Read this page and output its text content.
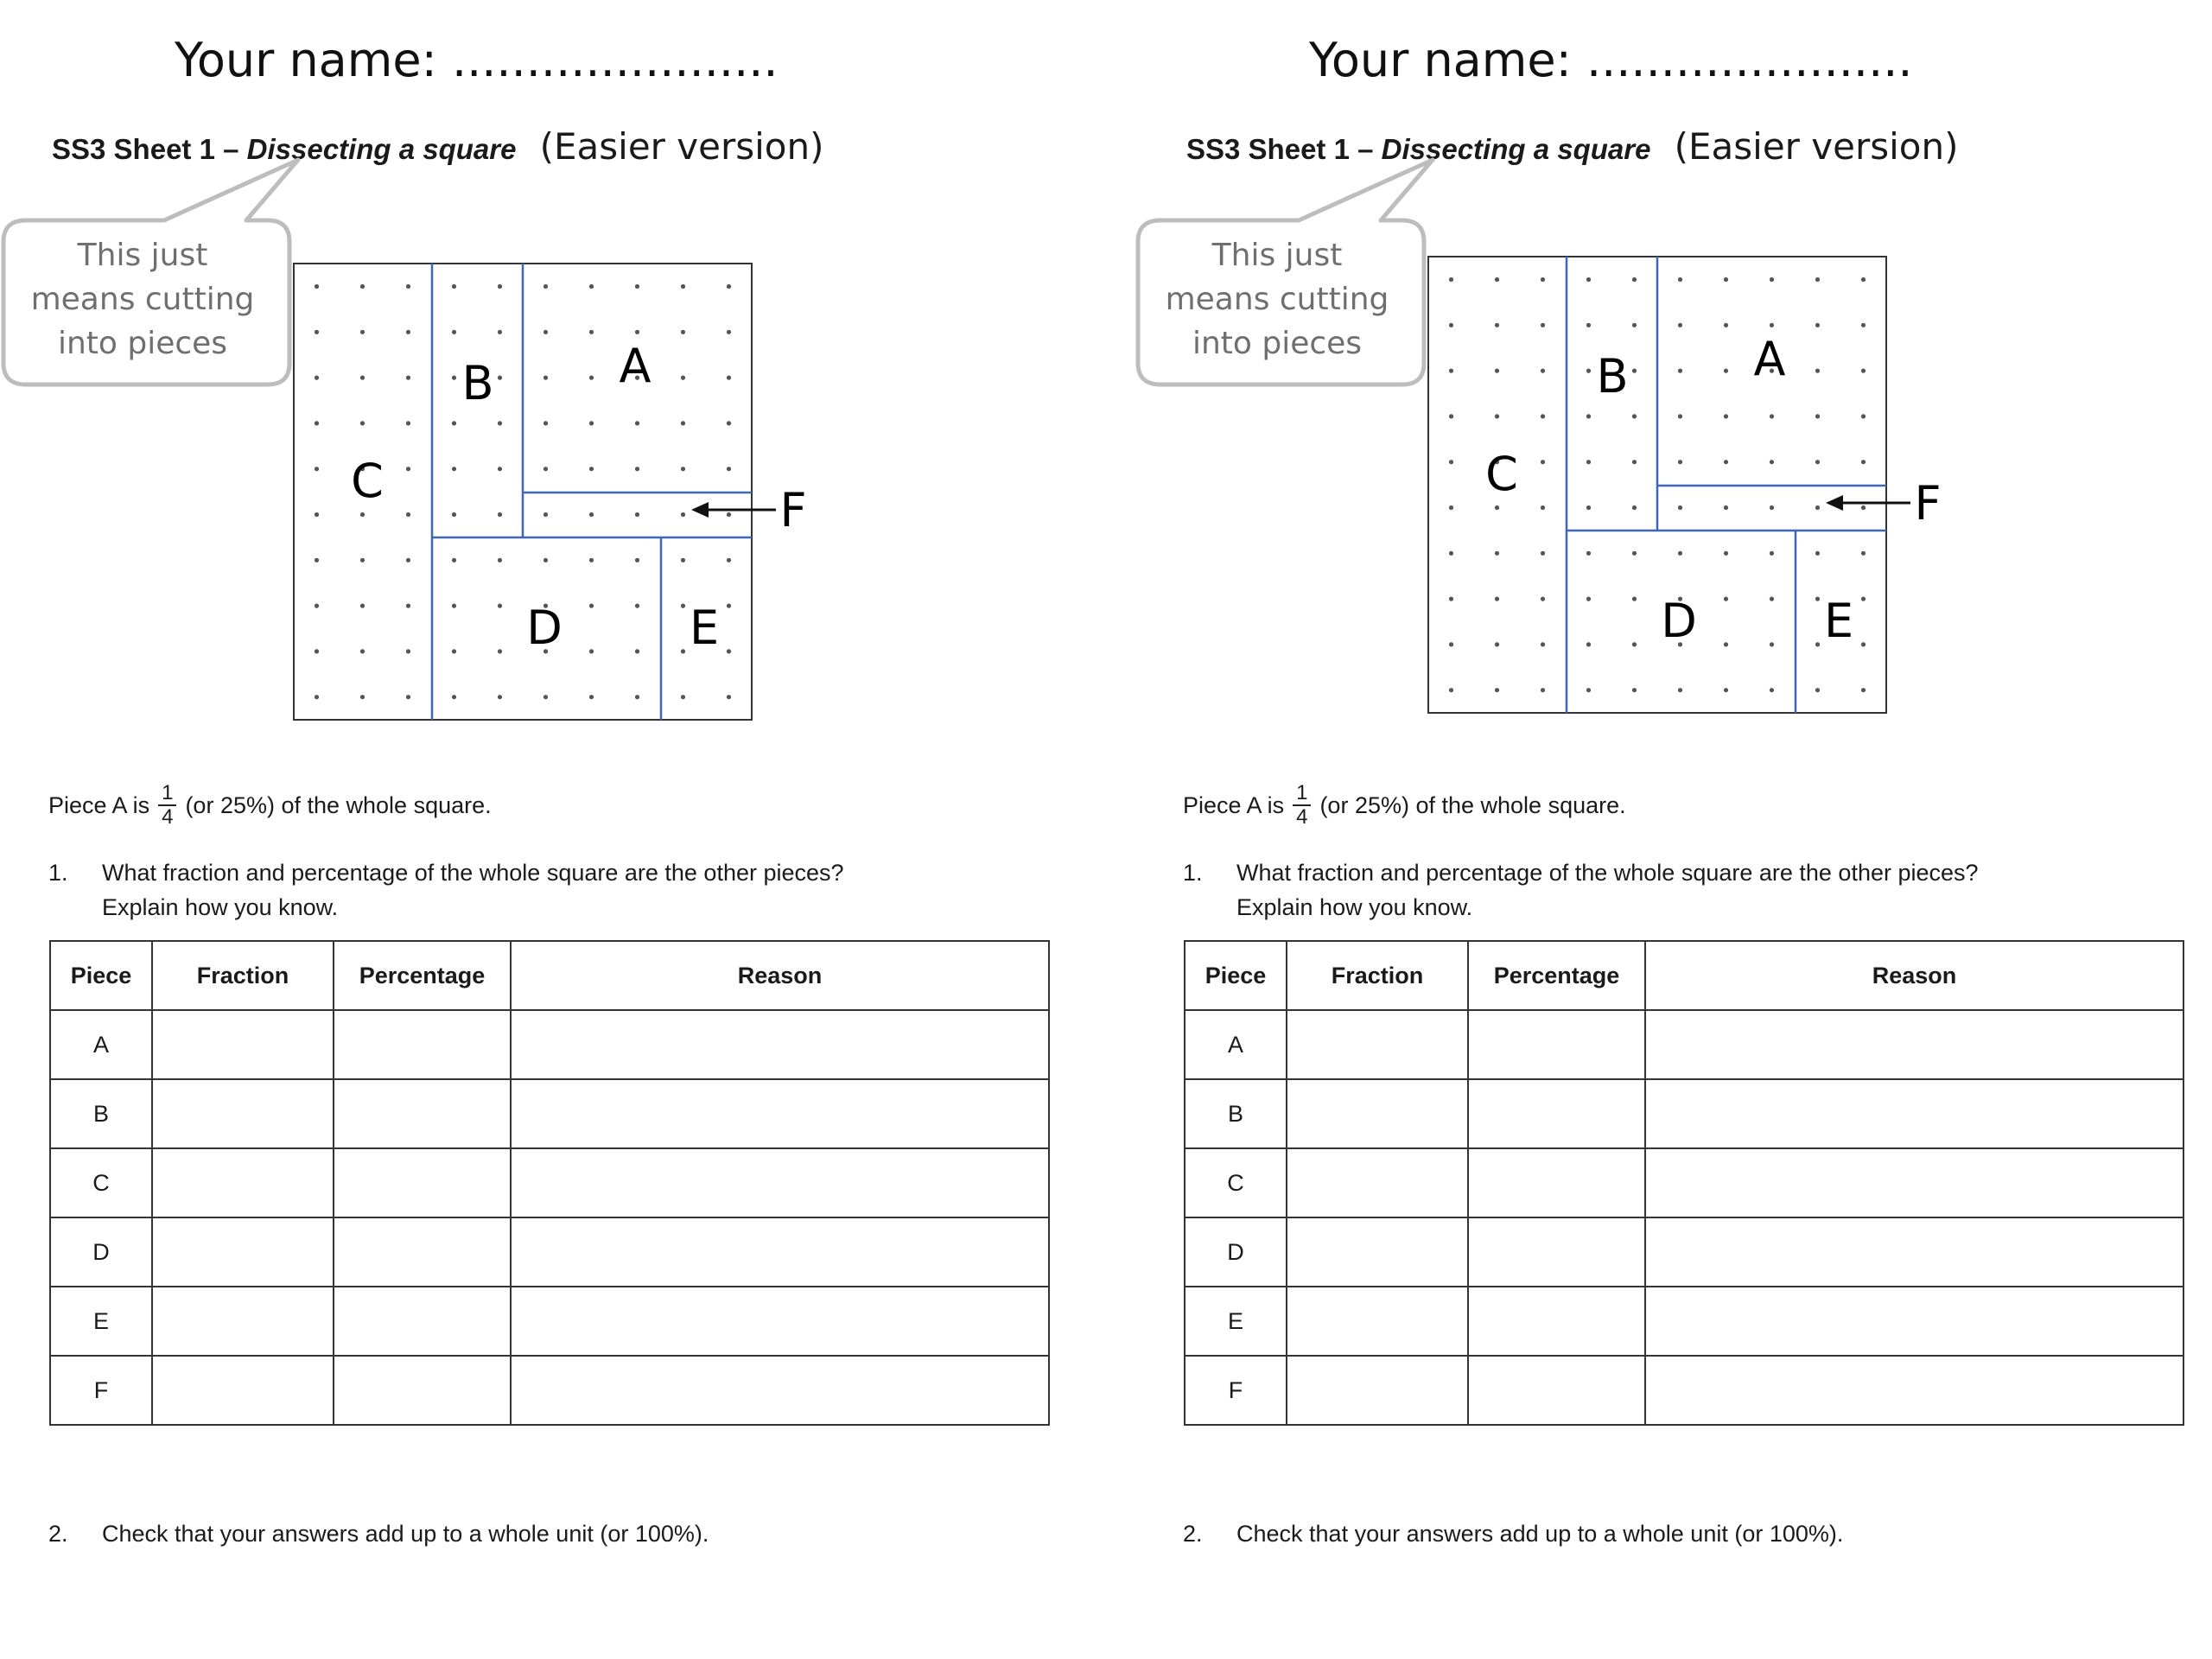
Your name: ......................
SS3 Sheet 1 – Dissecting a square (Easier version)
This just
means cutting
into pieces	A
B
C
D	E
F
Piece A is $\frac{1}{4} (or$ 25%) of the whole square.
1. What fraction and percentage of the whole square are the other pieces?
Explain how you know.
Piece	Fraction	Percentage	Reason
A			
B			
C			
D			
E			
F			
2. Check that your answers add up to a whole unit (or 100%).
Your name: ......................
SS3 Sheet 1 – Dissecting a square (Easier version)
This just
means cutting
into pieces	A
B
C
D	E
F
Piece A is $\frac{1}{4} (or$ 25%) of the whole square.
1. What fraction and percentage of the whole square are the other pieces?
Explain how you know.
Piece	Fraction	Percentage	Reason
A			
B			
C			
D			
E			
F			
2. Check that your answers add up to a whole unit (or 100%).
